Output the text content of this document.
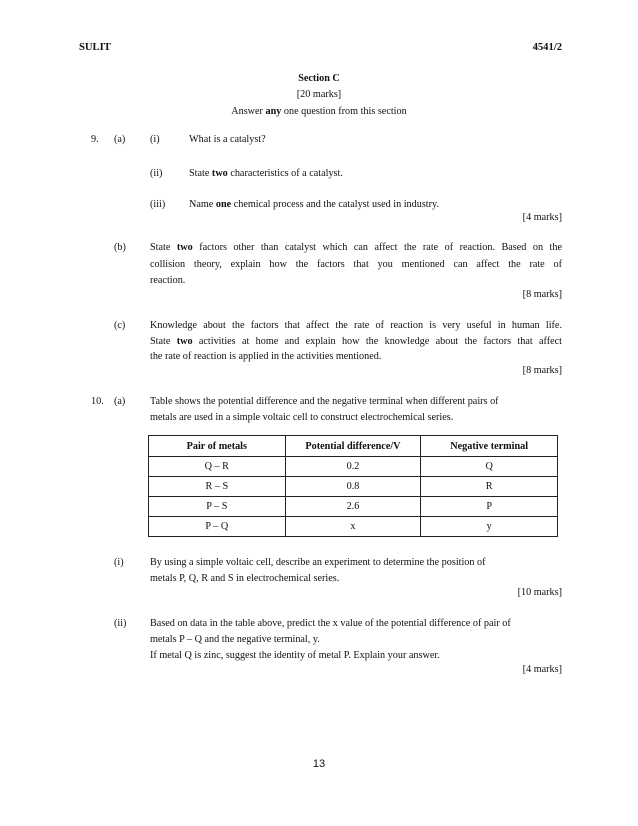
SULIT	4541/2
Section C
[20 marks]
Answer any one question from this section
9. (a) (i)	What is a catalyst?
(ii)	State two characteristics of a catalyst.
(iii) Name one chemical process and the catalyst used in industry.
[4 marks]
(b) State two factors other than catalyst which can affect the rate of reaction. Based on the
collision theory, explain how the factors that you mentioned can affect the rate of
reaction.
[8 marks]
(c) Knowledge about the factors that affect the rate of reaction is very useful in human life.
State two activities at home and explain how the knowledge about the factors that affect
the rate of reaction is applied in the activities mentioned.
[8 marks]
10. (a) Table shows the potential difference and the negative terminal when different pairs of
metals are used in a simple voltaic cell to construct electrochemical series.
Pair of metals	Potential difference/V	Negative terminal
Q – R	0.2	Q
R – S	0.8	R
P – S	2.6	P
P – Q	x	y
(i)	By using a simple voltaic cell, describe an experiment to determine the position of
metals P, Q, R and S in electrochemical series.
[10 marks]
(ii) Based on data in the table above, predict the x value of the potential difference of pair of
metals P – Q and the negative terminal, y.
If metal Q is zinc, suggest the identity of metal P. Explain your answer.
[4 marks]
13
